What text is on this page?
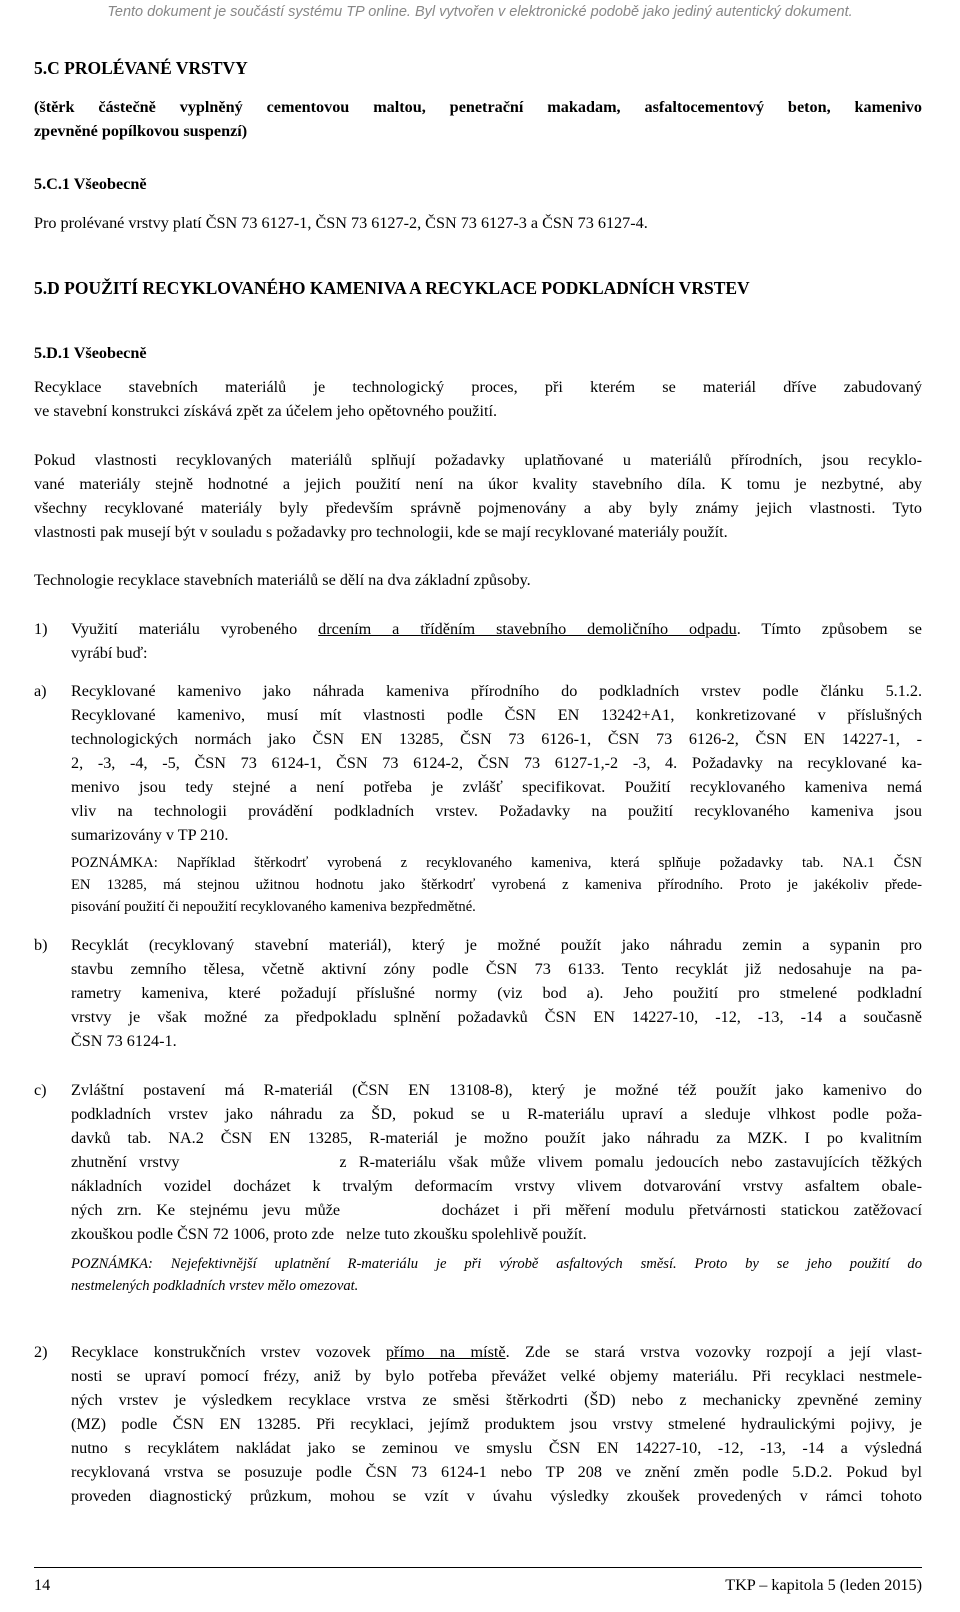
Tento dokument je součástí systému TP online. Byl vytvořen v elektronické podobě jako jediný autentický dokument.
5.C PROLÉVANÉ VRSTVY
(štěrk částečně vyplněný cementovou maltou, penetrační makadam, asfaltocementový beton, kamenivo
zpevněné popílkovou suspenzí)
5.C.1 Všeobecně
Pro prolévané vrstvy platí ČSN 73 6127-1, ČSN 73 6127-2, ČSN 73 6127-3 a ČSN 73 6127-4.
5.D POUŽITÍ RECYKLOVANÉHO KAMENIVA A RECYKLACE PODKLADNÍCH VRSTEV
5.D.1 Všeobecně
Recyklace stavebních materiálů je technologický proces, při kterém se materiál dříve zabudovaný
ve stavební konstrukci získává zpět za účelem jeho opětovného použití.
Pokud vlastnosti recyklovaných materiálů splňují požadavky uplatňované u materiálů přírodních, jsou recyklo-
vané materiály stejně hodnotné a jejich použití není na úkor kvality stavebního díla. K tomu je nezbytné, aby
všechny recyklované materiály byly především správně pojmenovány a aby byly známy jejich vlastnosti. Tyto
vlastnosti pak musejí být v souladu s požadavky pro technologii, kde se mají recyklované materiály použít.
Technologie recyklace stavebních materiálů se dělí na dva základní způsoby.
1) Využití materiálu vyrobeného drcením a tříděním stavebního demoličního odpadu. Tímto způsobem se
vyrábí buď:
a) Recyklované kamenivo jako náhrada kameniva přírodního do podkladních vrstev podle článku 5.1.2.
Recyklované kamenivo, musí mít vlastnosti podle ČSN EN 13242+A1, konkretizované v příslušných
technologických normách jako ČSN EN 13285, ČSN 73 6126-1, ČSN 73 6126-2, ČSN EN 14227-1, -
2, -3, -4, -5, ČSN 73 6124-1, ČSN 73 6124-2, ČSN 73 6127-1,-2 -3, 4. Požadavky na recyklované ka-
menivo jsou tedy stejné a není potřeba je zvlášť specifikovat. Použití recyklovaného kameniva nemá
vliv na technologii provádění podkladních vrstev. Požadavky na použití recyklovaného kameniva jsou
sumarizovány v TP 210.
POZNÁMKA: Například štěrkodrť vyrobená z recyklovaného kameniva, která splňuje požadavky tab. NA.1 ČSN
EN 13285, má stejnou užitnou hodnotu jako štěrkodrť vyrobená z kameniva přírodního. Proto je jakékoliv přede-
pisování použití či nepoužití recyklovaného kameniva bezpředmětné.
b) Recyklát (recyklovaný stavební materiál), který je možné použít jako náhradu zemin a sypanin pro
stavbu zemního tělesa, včetně aktivní zóny podle ČSN 73 6133. Tento recyklát již nedosahuje na pa-
rametry kameniva, které požadují příslušné normy (viz bod a). Jeho použití pro stmelené podkladní
vrstvy je však možné za předpokladu splnění požadavků ČSN EN 14227-10, -12, -13, -14 a současně
ČSN 73 6124-1.
c) Zvláštní postavení má R-materiál (ČSN EN 13108-8), který je možné též použít jako kamenivo do
podkladních vrstev jako náhradu za ŠD, pokud se u R-materiálu upraví a sleduje vlhkost podle poža-
davků tab. NA.2 ČSN EN 13285, R-materiál je možno použít jako náhradu za MZK. I po kvalitním
zhutnění vrstvy             z R-materiálu však může vlivem pomalu jedoucích nebo zastavujících těžkých
nákladních vozidel docházet k trvalým deformacím vrstvy vlivem dotvarování vrstvy asfaltem obale-
ných zrn. Ke stejnému jevu může       docházet i při měření modulu přetvárnosti statickou zatěžovací
zkouškou podle ČSN 72 1006, proto zde   nelze tuto zkoušku spolehlivě použít.
POZNÁMKA: Nejefektivnější uplatnění R-materiálu je při výrobě asfaltových směsí. Proto by se jeho použití do
nestmelených podkladních vrstev mělo omezovat.
2) Recyklace konstrukčních vrstev vozovek přímo na místě. Zde se stará vrstva vozovky rozpojí a její vlast-
nosti se upraví pomocí frézy, aniž by bylo potřeba převážet velké objemy materiálu. Při recyklaci nestmele-
ných vrstev je výsledkem recyklace vrstva ze směsi štěrkodrti (ŠD) nebo z mechanicky zpevněné zeminy
(MZ) podle ČSN EN 13285. Při recyklaci, jejímž produktem jsou vrstvy stmelené hydraulickými pojivy, je
nutno s recyklátem nakládat jako se zeminou ve smyslu ČSN EN 14227-10, -12, -13, -14 a výsledná
recyklovaná vrstva se posuzuje podle ČSN 73 6124-1 nebo TP 208 ve znění změn podle 5.D.2. Pokud byl
proveden diagnostický průzkum, mohou se vzít v úvahu výsledky zkoušek provedených v rámci tohoto
14	TKP – kapitola 5 (leden 2015)
